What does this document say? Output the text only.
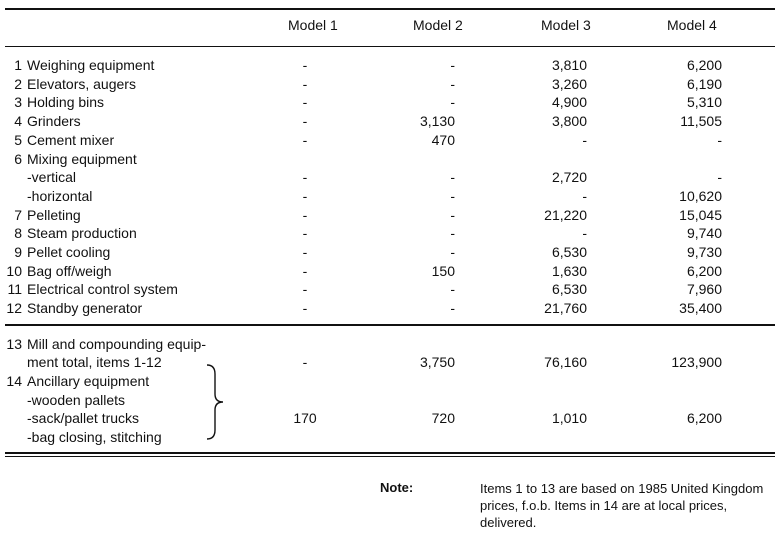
Model 1	Model 2	Model 3	Model 4
1 Weighing equipment	-	-	3,810	6,200
2 Elevators, augers	-	-	3,260	6,190
3 Holding bins	-	-	4,900	5,310
4 Grinders	-	3,130	3,800	11,505
5 Cement mixer	-	470	-	-
6 Mixing equipment
-vertical	-	-	2,720	-
-horizontal	-	-	-	10,620
7 Pelleting	-	-	21,220	15,045
8 Steam production	-	-	-	9,740
9 Pellet cooling	-	-	6,530	9,730
10 Bag off/weigh	-	150	1,630	6,200
11 Electrical control system	-	-	6,530	7,960
12 Standby generator	-	-	21,760	35,400
13 Mill and compounding equip-
ment total, items 1-12	-	3,750	76,160	123,900
14 Ancillary equipment
-wooden pallets
-sack/pallet trucks	170	720	1,010	6,200
-bag closing, stitching
Note:	Items 1 to 13 are based on 1985 United Kingdom prices, f.o.b. Items in 14 are at local prices, delivered.
